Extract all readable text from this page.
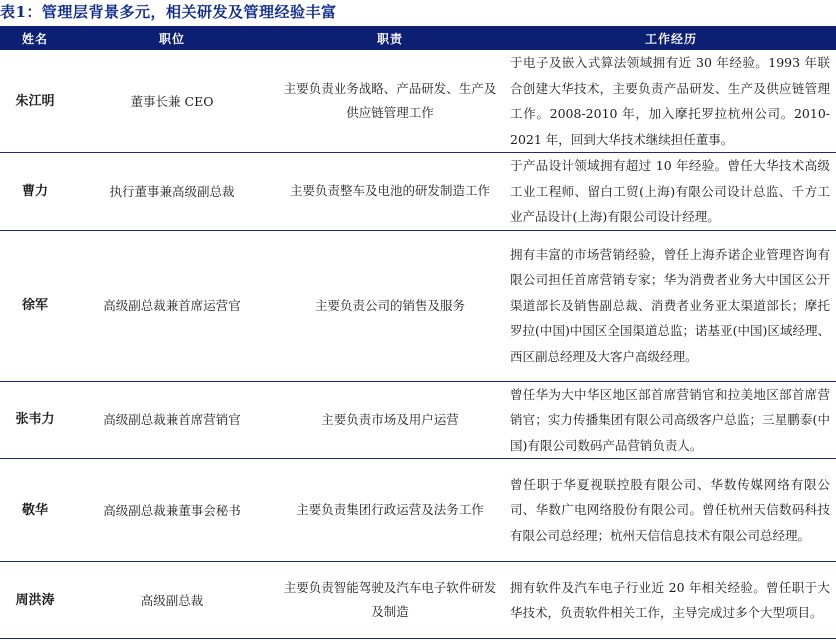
表1：管理层背景多元，相关研发及管理经验丰富
姓名	职位	职责	工作经历
朱江明	董事长兼 CEO	主要负责业务战略、产品研发、生产及供应链管理工作	于电子及嵌入式算法领域拥有近 30 年经验。1993 年联合创建大华技术，主要负责产品研发、生产及供应链管理工作。2008-2010 年，加入摩托罗拉杭州公司。2010-2021 年，回到大华技术继续担任董事。
曹力	执行董事兼高级副总裁	主要负责整车及电池的研发制造工作	于产品设计领域拥有超过 10 年经验。曾任大华技术高级工业工程师、留白工贸(上海)有限公司设计总监、千方工业产品设计(上海)有限公司设计经理。
徐军	高级副总裁兼首席运营官	主要负责公司的销售及服务	拥有丰富的市场营销经验，曾任上海乔诺企业管理咨询有限公司担任首席营销专家；华为消费者业务大中国区公开渠道部长及销售副总裁、消费者业务亚太渠道部长；摩托罗拉(中国)中国区全国渠道总监；诺基亚(中国)区域经理、西区副总经理及大客户高级经理。
张韦力	高级副总裁兼首席营销官	主要负责市场及用户运营	曾任华为大中华区地区部首席营销官和拉美地区部首席营销官；实力传播集团有限公司高级客户总监；三星鹏泰(中国)有限公司数码产品营销负责人。
敬华	高级副总裁兼董事会秘书	主要负责集团行政运营及法务工作	曾任职于华夏视联控股有限公司、华数传媒网络有限公司、华数广电网络股份有限公司。曾任杭州天信数码科技有限公司总经理；杭州天信信息技术有限公司总经理。
周洪涛	高级副总裁	主要负责智能驾驶及汽车电子软件研发及制造	拥有软件及汽车电子行业近 20 年相关经验。曾任职于大华技术，负责软件相关工作，主导完成过多个大型项目。
